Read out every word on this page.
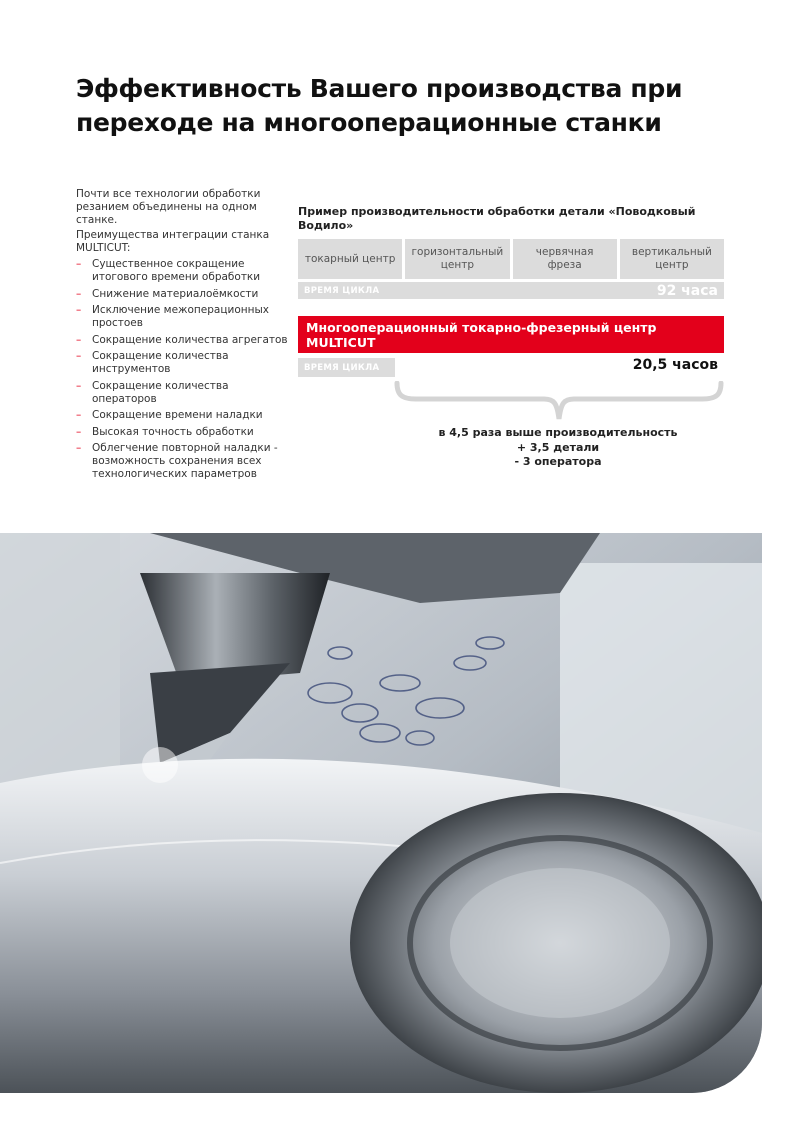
Эффективность Вашего производства при
переходе на многооперационные станки

Почти все технологии обработки резанием объединены на одном станке.

Преимущества интеграции станка MULTICUT:

– Существенное сокращение итогового времени обработки
– Снижение материалоёмкости
– Исключение межоперационных простоев
– Сокращение количества агрегатов
– Сокращение количества инструментов
– Сокращение количества операторов
– Сокращение времени наладки
– Высокая точность обработки
– Облегчение повторной наладки - возможность сохранения всех технологических параметров
Пример производительности обработки детали «Поводковый Водило»
токарный центр
горизонтальный центр
червячная фреза
вертикальный центр
ВРЕМЯ ЦИКЛА	92 часа
Многооперационный токарно-фрезерный центр MULTICUT
ВРЕМЯ ЦИКЛА	20,5 часов
в 4,5 раза выше производительность
+ 3,5 детали
- 3 оператора
